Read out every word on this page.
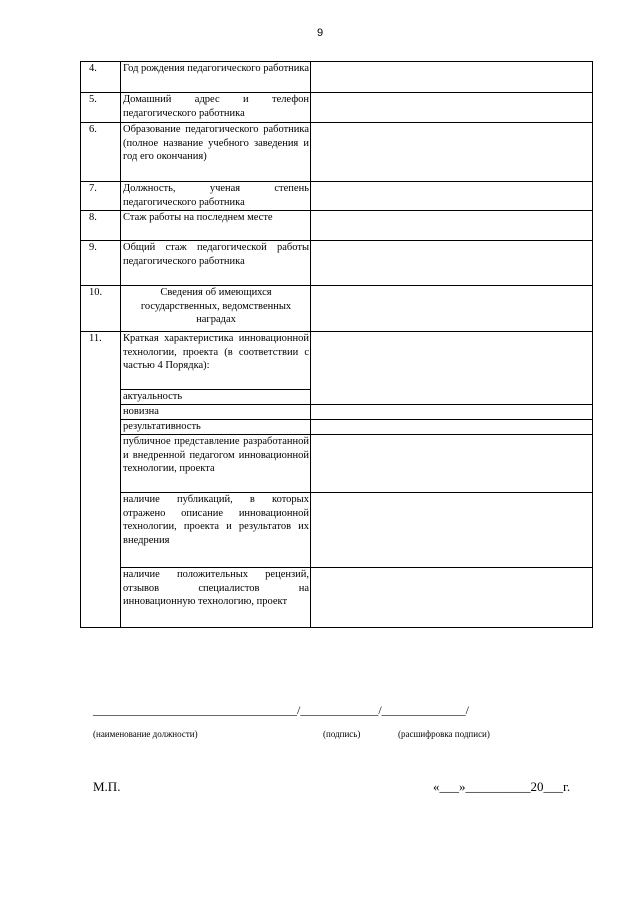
9
4.	Год рождения педагогического работника	
5.	Домашний адрес и телефон педагогического работника	
6.	Образование педагогического работника (полное название учебного заведения и год его окончания)	
7.	Должность, ученая степень педагогического работника	
8.	Стаж работы на последнем месте	
9.	Общий стаж педагогической работы педагогического работника	
10.	Сведения об имеющихся государственных, ведомственных наградах	
11.	Краткая характеристика инновационной технологии, проекта (в соответствии с частью 4 Порядка):	
	актуальность	
	новизна	
	результативность	
	публичное представление разработанной и внедренной педагогом инновационной технологии, проекта	
	наличие публикаций, в которых отражено описание инновационной технологии, проекта и результатов их внедрения	
	наличие положительных рецензий, отзывов специалистов на инновационную технологию, проект	
__________________________________/_____________/______________/
(наименование должности)	(подпись)	(расшифровка подписи)
М.П.	«___»__________20___г.
